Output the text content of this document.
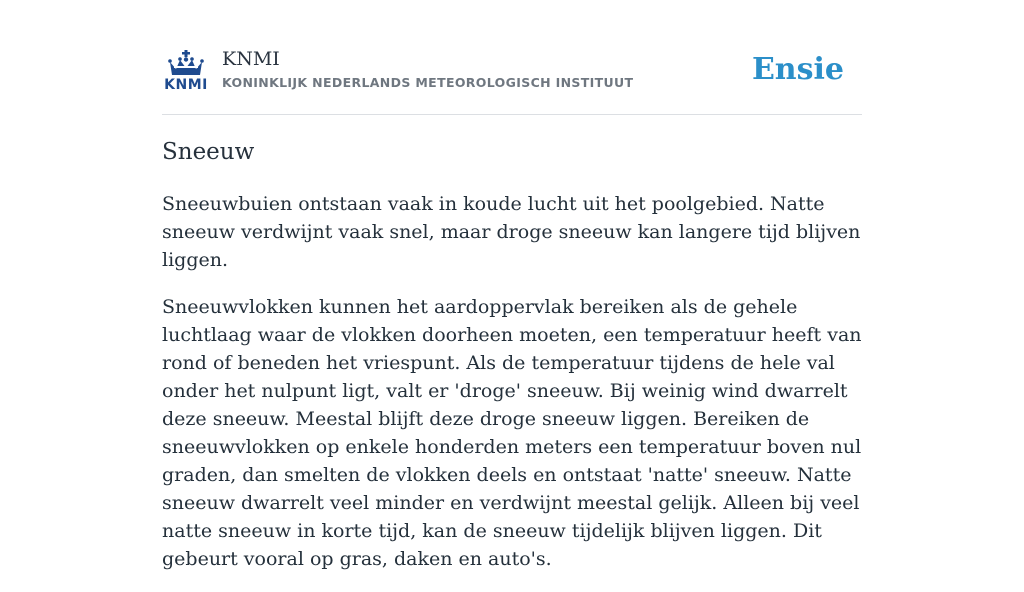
KNMI
KNMI
KONINKLIJK NEDERLANDS METEOROLOGISCH INSTITUUT	Ensie
Sneeuw

Sneeuwbuien ontstaan vaak in koude lucht uit het poolgebied. Natte sneeuw verdwijnt vaak snel, maar droge sneeuw kan langere tijd blijven liggen.

Sneeuwvlokken kunnen het aardoppervlak bereiken als de gehele luchtlaag waar de vlokken doorheen moeten, een temperatuur heeft van rond of beneden het vriespunt. Als de temperatuur tijdens de hele val onder het nulpunt ligt, valt er 'droge' sneeuw. Bij weinig wind dwarrelt deze sneeuw. Meestal blijft deze droge sneeuw liggen. Bereiken de sneeuwvlokken op enkele honderden meters een temperatuur boven nul graden, dan smelten de vlokken deels en ontstaat 'natte' sneeuw. Natte sneeuw dwarrelt veel minder en verdwijnt meestal gelijk. Alleen bij veel natte sneeuw in korte tijd, kan de sneeuw tijdelijk blijven liggen. Dit gebeurt vooral op gras, daken en auto's.
